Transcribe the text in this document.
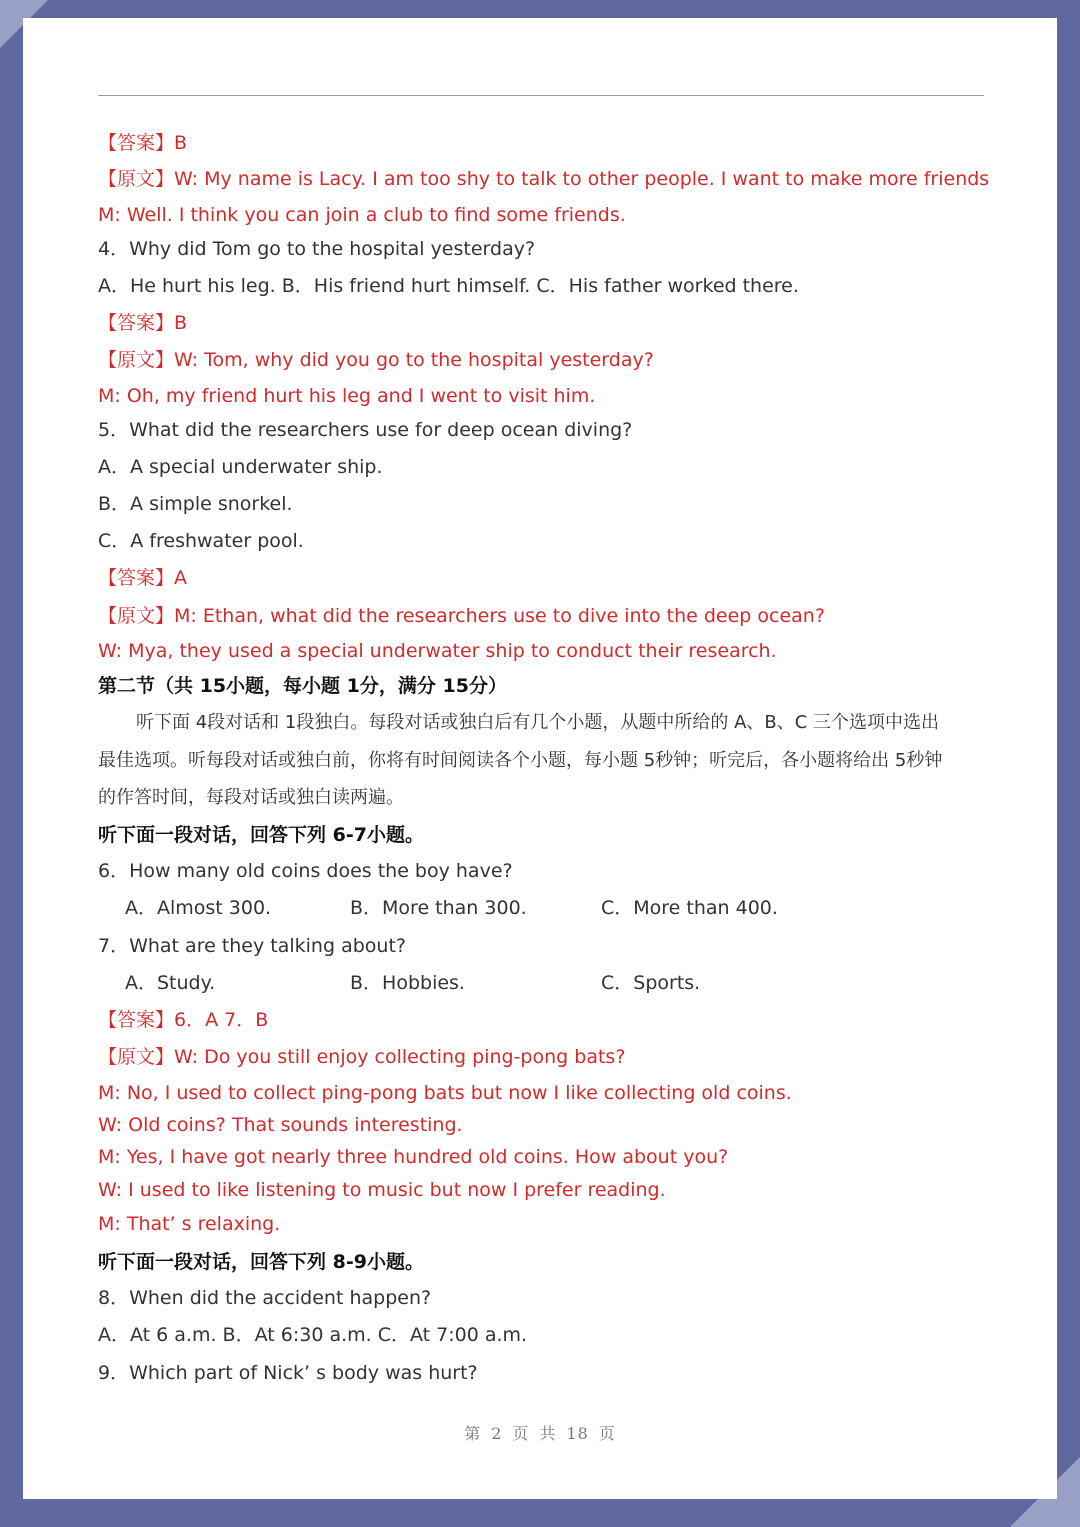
【答案】B
【原文】W: My name is Lacy. I am too shy to talk to other people. I want to make more friends
M: Well. I think you can join a club to find some friends.
4．Why did Tom go to the hospital yesterday?
A．He hurt his leg. B．His friend hurt himself. C．His father worked there.
【答案】B
【原文】W: Tom, why did you go to the hospital yesterday?
M: Oh, my friend hurt his leg and I went to visit him.
5．What did the researchers use for deep ocean diving?
A．A special underwater ship.
B．A simple snorkel.
C．A freshwater pool.
【答案】A
【原文】M: Ethan, what did the researchers use to dive into the deep ocean?
W: Mya, they used a special underwater ship to conduct their research.
第二节（共 15小题，每小题 1分，满分 15分）
听下面 4段对话和 1段独白。每段对话或独白后有几个小题，从题中所给的 A、B、C 三个选项中选出
最佳选项。听每段对话或独白前，你将有时间阅读各个小题，每小题 5秒钟；听完后，各小题将给出 5秒钟
的作答时间，每段对话或独白读两遍。
听下面一段对话，回答下列 6-7小题。
6．How many old coins does the boy have?
A．Almost 300.	B．More than 300.	C．More than 400.
7．What are they talking about?
A．Study.	B．Hobbies.	C．Sports.
【答案】6．A 7．B
【原文】W: Do you still enjoy collecting ping-pong bats?
M: No, I used to collect ping-pong bats but now I like collecting old coins.
W: Old coins? That sounds interesting.
M: Yes, I have got nearly three hundred old coins. How about you?
W: I used to like listening to music but now I prefer reading.
M: That’ s relaxing.
听下面一段对话，回答下列 8-9小题。
8．When did the accident happen?
A．At 6 a.m. B．At 6:30 a.m. C．At 7:00 a.m.
9．Which part of Nick’ s body was hurt?
第 2 页 共 18 页
